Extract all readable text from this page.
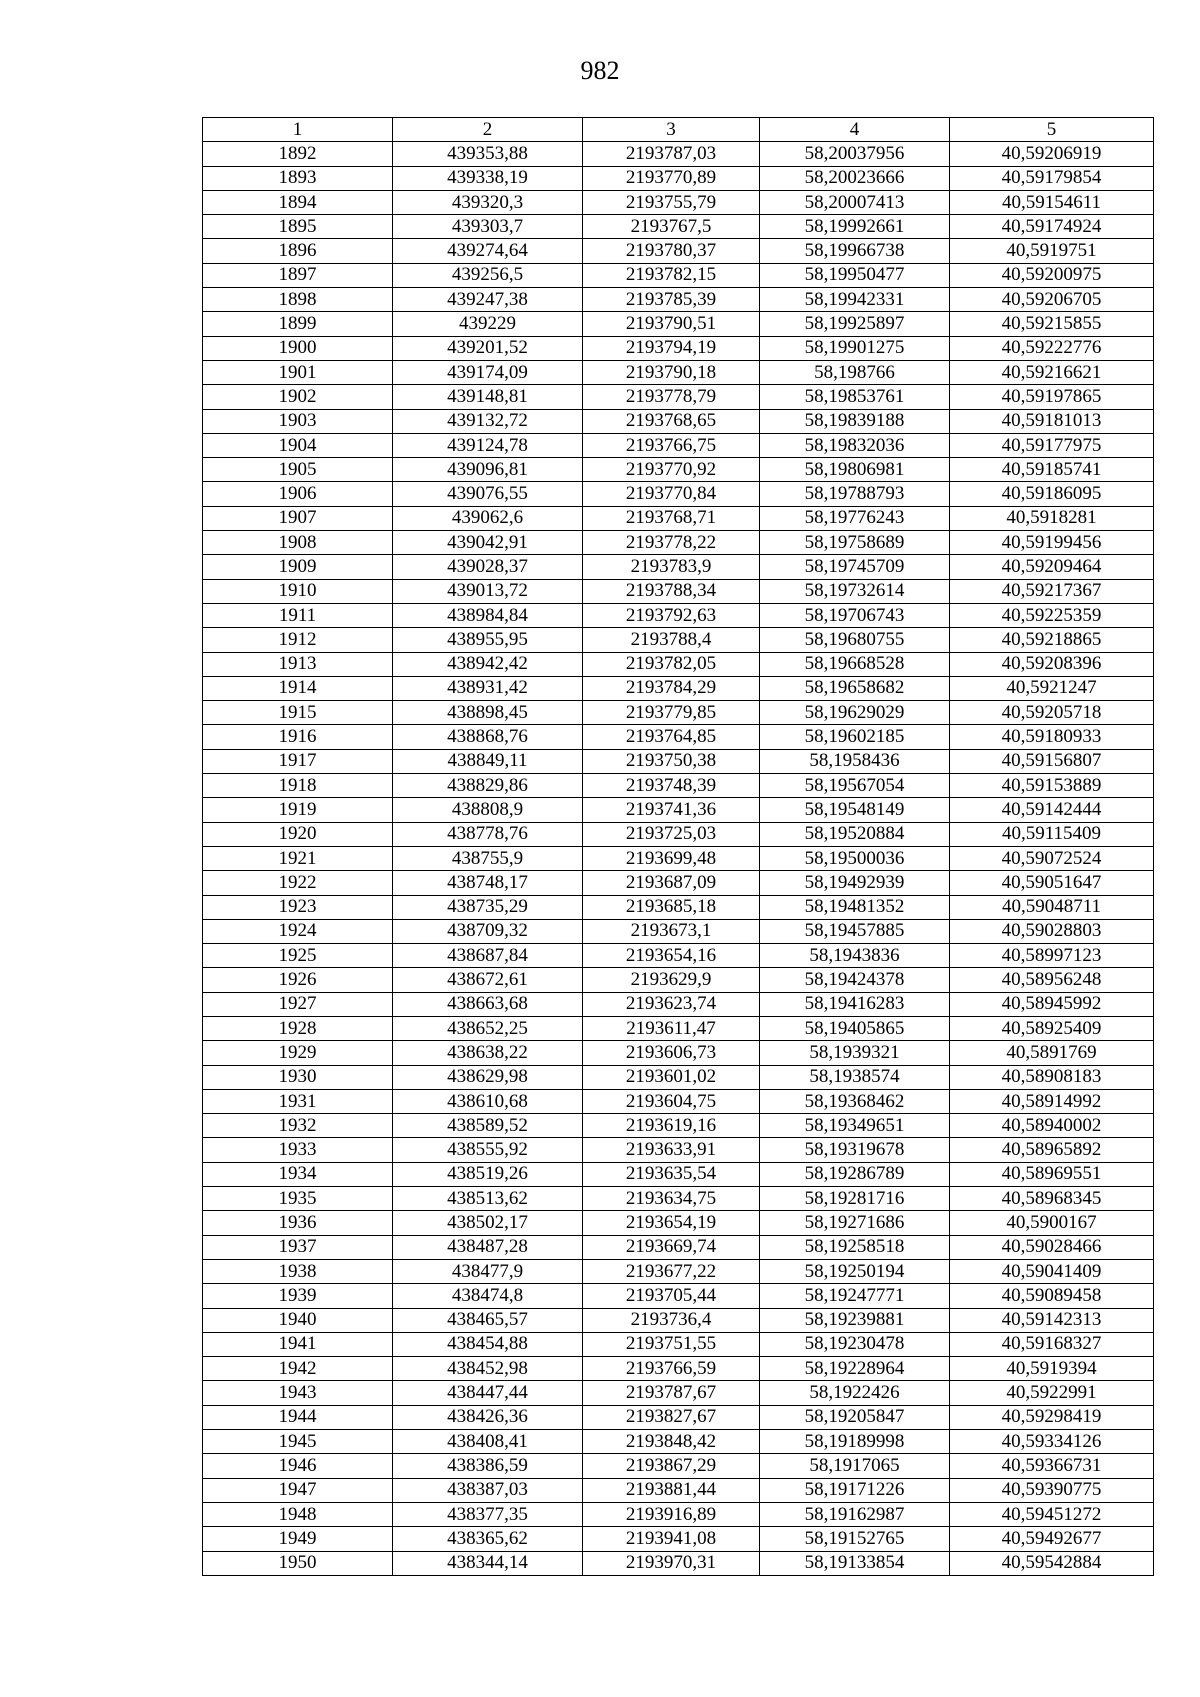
982
1	2	3	4	5
1892	439353,88	2193787,03	58,20037956	40,59206919
1893	439338,19	2193770,89	58,20023666	40,59179854
1894	439320,3	2193755,79	58,20007413	40,59154611
1895	439303,7	2193767,5	58,19992661	40,59174924
1896	439274,64	2193780,37	58,19966738	40,5919751
1897	439256,5	2193782,15	58,19950477	40,59200975
1898	439247,38	2193785,39	58,19942331	40,59206705
1899	439229	2193790,51	58,19925897	40,59215855
1900	439201,52	2193794,19	58,19901275	40,59222776
1901	439174,09	2193790,18	58,198766	40,59216621
1902	439148,81	2193778,79	58,19853761	40,59197865
1903	439132,72	2193768,65	58,19839188	40,59181013
1904	439124,78	2193766,75	58,19832036	40,59177975
1905	439096,81	2193770,92	58,19806981	40,59185741
1906	439076,55	2193770,84	58,19788793	40,59186095
1907	439062,6	2193768,71	58,19776243	40,5918281
1908	439042,91	2193778,22	58,19758689	40,59199456
1909	439028,37	2193783,9	58,19745709	40,59209464
1910	439013,72	2193788,34	58,19732614	40,59217367
1911	438984,84	2193792,63	58,19706743	40,59225359
1912	438955,95	2193788,4	58,19680755	40,59218865
1913	438942,42	2193782,05	58,19668528	40,59208396
1914	438931,42	2193784,29	58,19658682	40,5921247
1915	438898,45	2193779,85	58,19629029	40,59205718
1916	438868,76	2193764,85	58,19602185	40,59180933
1917	438849,11	2193750,38	58,1958436	40,59156807
1918	438829,86	2193748,39	58,19567054	40,59153889
1919	438808,9	2193741,36	58,19548149	40,59142444
1920	438778,76	2193725,03	58,19520884	40,59115409
1921	438755,9	2193699,48	58,19500036	40,59072524
1922	438748,17	2193687,09	58,19492939	40,59051647
1923	438735,29	2193685,18	58,19481352	40,59048711
1924	438709,32	2193673,1	58,19457885	40,59028803
1925	438687,84	2193654,16	58,1943836	40,58997123
1926	438672,61	2193629,9	58,19424378	40,58956248
1927	438663,68	2193623,74	58,19416283	40,58945992
1928	438652,25	2193611,47	58,19405865	40,58925409
1929	438638,22	2193606,73	58,1939321	40,5891769
1930	438629,98	2193601,02	58,1938574	40,58908183
1931	438610,68	2193604,75	58,19368462	40,58914992
1932	438589,52	2193619,16	58,19349651	40,58940002
1933	438555,92	2193633,91	58,19319678	40,58965892
1934	438519,26	2193635,54	58,19286789	40,58969551
1935	438513,62	2193634,75	58,19281716	40,58968345
1936	438502,17	2193654,19	58,19271686	40,5900167
1937	438487,28	2193669,74	58,19258518	40,59028466
1938	438477,9	2193677,22	58,19250194	40,59041409
1939	438474,8	2193705,44	58,19247771	40,59089458
1940	438465,57	2193736,4	58,19239881	40,59142313
1941	438454,88	2193751,55	58,19230478	40,59168327
1942	438452,98	2193766,59	58,19228964	40,5919394
1943	438447,44	2193787,67	58,1922426	40,5922991
1944	438426,36	2193827,67	58,19205847	40,59298419
1945	438408,41	2193848,42	58,19189998	40,59334126
1946	438386,59	2193867,29	58,1917065	40,59366731
1947	438387,03	2193881,44	58,19171226	40,59390775
1948	438377,35	2193916,89	58,19162987	40,59451272
1949	438365,62	2193941,08	58,19152765	40,59492677
1950	438344,14	2193970,31	58,19133854	40,59542884
